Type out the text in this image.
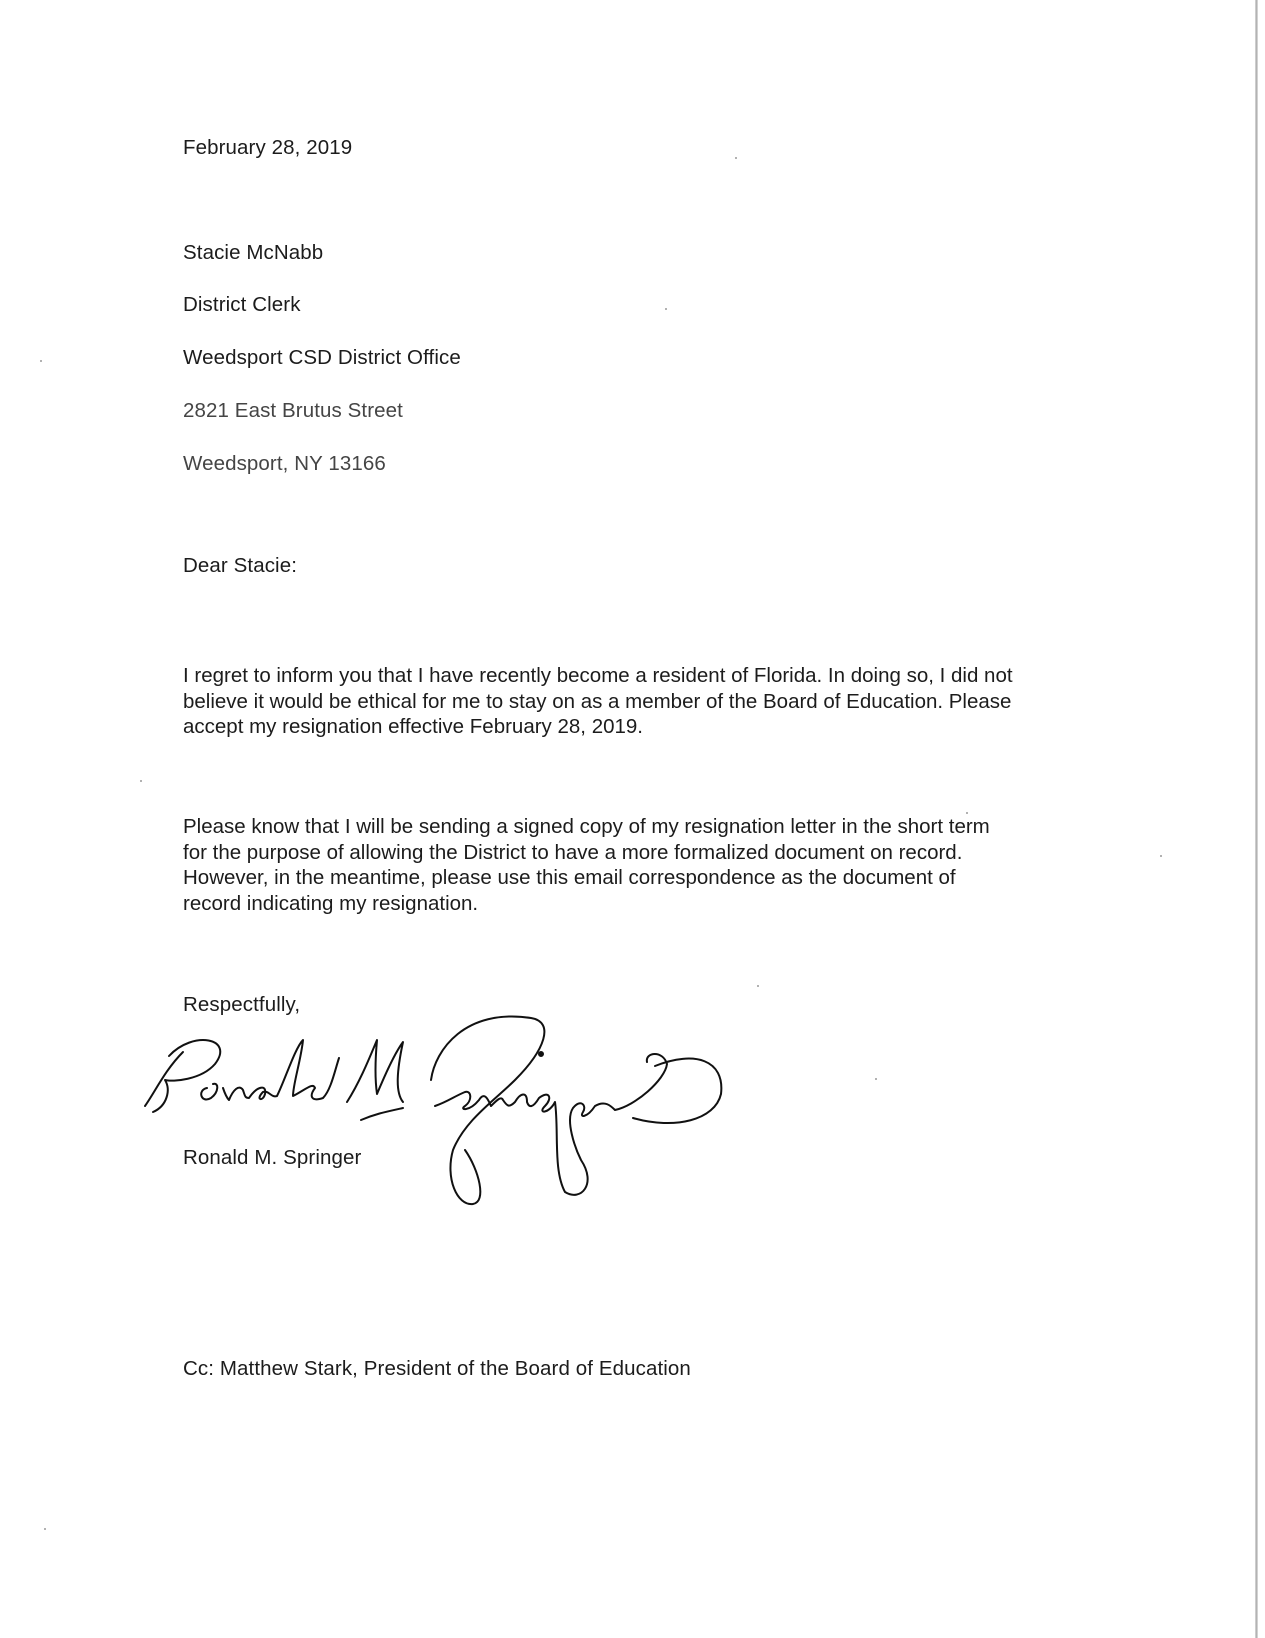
February 28, 2019
Stacie McNabb
District Clerk
Weedsport CSD District Office
2821 East Brutus Street
Weedsport, NY 13166
Dear Stacie:

I regret to inform you that I have recently become a resident of Florida. In doing so, I did not
believe it would be ethical for me to stay on as a member of the Board of Education. Please
accept my resignation effective February 28, 2019.

Please know that I will be sending a signed copy of my resignation letter in the short term
for the purpose of allowing the District to have a more formalized document on record.
However, in the meantime, please use this email correspondence as the document of
record indicating my resignation.

Respectfully,
Ronald M. Springer
Cc: Matthew Stark, President of the Board of Education
